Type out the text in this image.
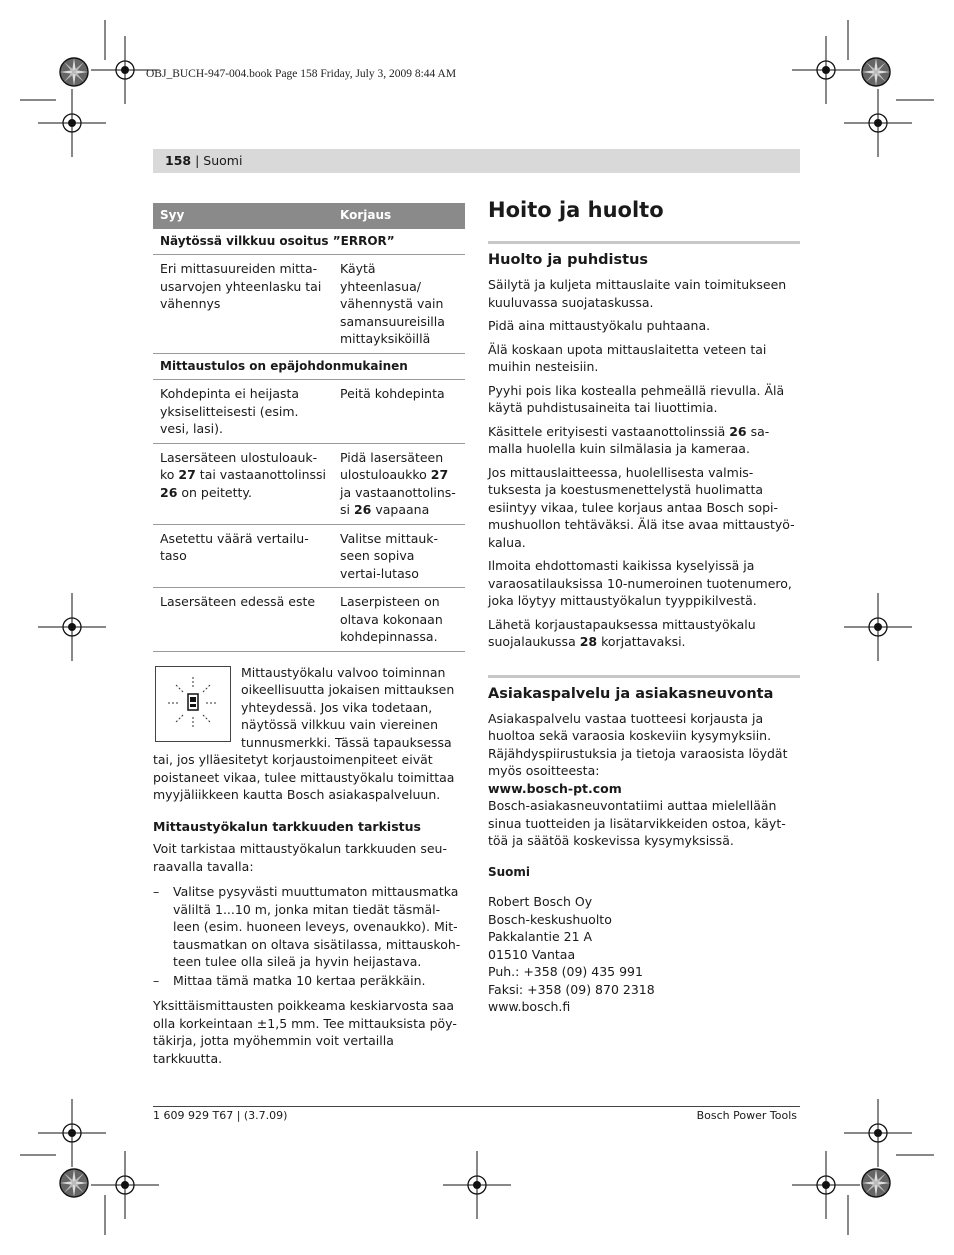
OBJ_BUCH-947-004.book Page 158 Friday, July 3, 2009 8:44 AM
158 | Suomi
Syy	Korjaus
Näytössä vilkkuu osoitus ”ERROR”	
Eri mittasuureiden mitta-usarvojen yhteenlasku tai vähennys	Käytä yhteenlasua/ vähennystä vain samansuureisilla mittayksiköillä
Mittaustulos on epäjohdonmukainen	
Kohdepinta ei heijasta yksiselitteisesti (esim. vesi, lasi).	Peitä kohdepinta
Lasersäteen ulostuloauk-ko 27 tai vastaanottolinssi 26 on peitetty.	Pidä lasersäteen ulostuloaukko 27 ja vastaanottolins-si 26 vapaana
Asetettu väärä vertailu-taso	Valitse mittauk-seen sopiva vertai-lutaso
Lasersäteen edessä este	Laserpisteen on oltava kokonaan kohdepinnassa.

Mittaustyökalu valvoo toiminnan oikeellisuutta jokaisen mittauksen yhteydessä. Jos vika todetaan, näytössä vilkkuu vain viereinen tunnusmerkki. Tässä tapauksessa tai, jos ylläesitetyt korjaustoimenpiteet eivät poistaneet vikaa, tulee mittaustyökalu toimittaa myyjäliikkeen kautta Bosch asiakaspalveluun.

Mittaustyökalun tarkkuuden tarkistus

Voit tarkistaa mittaustyökalun tarkkuuden seu-raavalla tavalla:

– Valitse pysyvästi muuttumaton mittausmatka väliltä 1...10 m, jonka mitan tiedät täsmäl-leen (esim. huoneen leveys, ovenaukko). Mit-tausmatkan on oltava sisätilassa, mittauskoh-teen tulee olla sileä ja hyvin heijastava.
– Mittaa tämä matka 10 kertaa peräkkäin.

Yksittäismittausten poikkeama keskiarvosta saa olla korkeintaan ±1,5 mm. Tee mittauksista pöy-täkirja, jotta myöhemmin voit vertailla tarkkuutta.

Hoito ja huolto
Huolto ja puhdistus

Säilytä ja kuljeta mittauslaite vain toimitukseen kuuluvassa suojataskussa.

Pidä aina mittaustyökalu puhtaana.

Älä koskaan upota mittauslaitetta veteen tai muihin nesteisiin.

Pyyhi pois lika kostealla pehmeällä rievulla. Älä käytä puhdistusaineita tai liuottimia.

Käsittele erityisesti vastaanottolinssiä 26 sa-malla huolella kuin silmälasia ja kameraa.

Jos mittauslaitteessa, huolellisesta valmis-tuksesta ja koestusmenettelystä huolimatta esiintyy vikaa, tulee korjaus antaa Bosch sopi-mushuollon tehtäväksi. Älä itse avaa mittaustyö-kalua.

Ilmoita ehdottomasti kaikissa kyselyissä ja varaosatilauksissa 10-numeroinen tuotenumero, joka löytyy mittaustyökalun tyyppikilvestä.

Lähetä korjaustapauksessa mittaustyökalu suojalaukussa 28 korjattavaksi.

Asiakaspalvelu ja asiakasneuvonta

Asiakaspalvelu vastaa tuotteesi korjausta ja huoltoa sekä varaosia koskeviin kysymyksiin. Räjähdyspiirustuksia ja tietoja varaosista löydät myös osoitteesta:

www.bosch-pt.com

Bosch-asiakasneuvontatiimi auttaa mielellään sinua tuotteiden ja lisätarvikkeiden ostoa, käyt-töä ja säätöä koskevissa kysymyksissä.

Suomi
Robert Bosch Oy
Bosch-keskushuolto
Pakkalantie 21 A
01510 Vantaa
Puh.: +358 (09) 435 991
Faksi: +358 (09) 870 2318
www.bosch.fi
1 609 929 T67 | (3.7.09)	Bosch Power Tools
